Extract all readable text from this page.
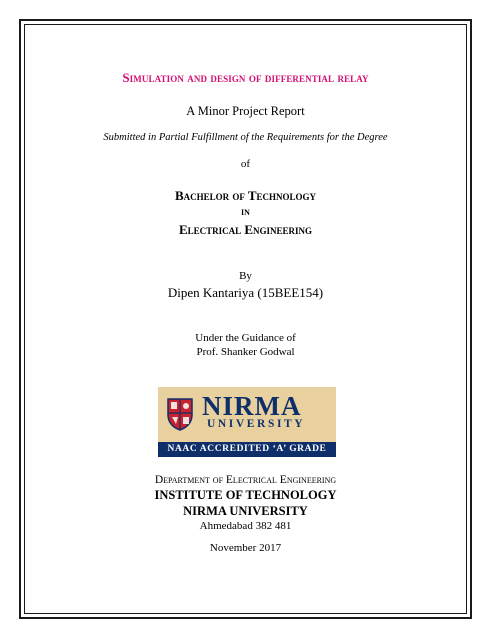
Simulation and design of differential relay
A Minor Project Report
Submitted in Partial Fulfillment of the Requirements for the Degree
of
Bachelor of Technology
in
Electrical Engineering
By
Dipen Kantariya (15BEE154)
Under the Guidance of
Prof. Shanker Godwal
NIRMA
UNIVERSITY
NAAC ACCREDITED ‘A’ GRADE
Department of Electrical Engineering
INSTITUTE OF TECHNOLOGY
NIRMA UNIVERSITY
Ahmedabad 382 481
November 2017
